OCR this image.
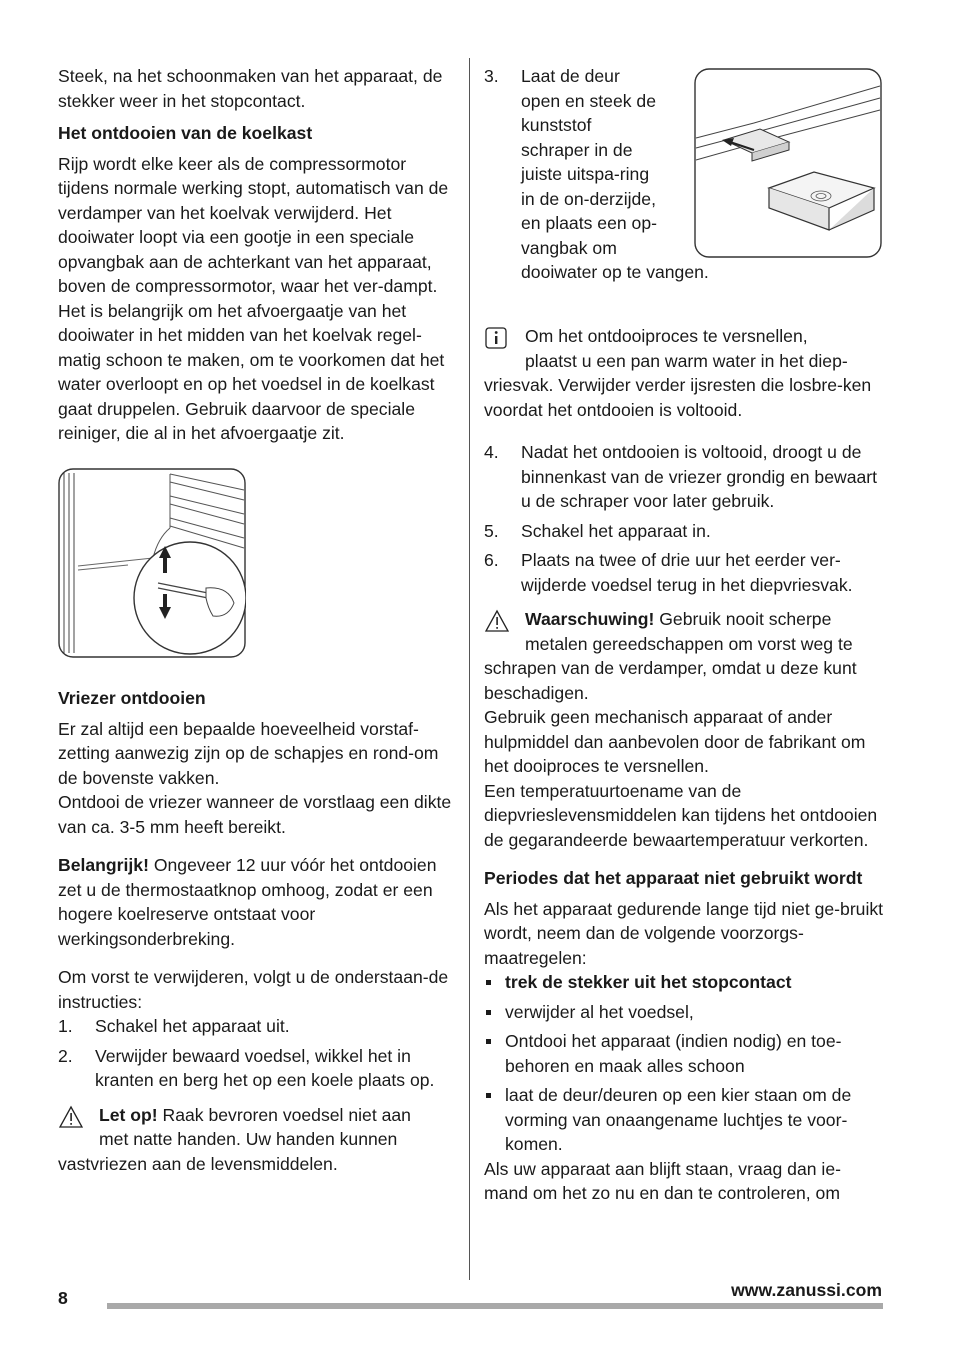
Steek, na het schoonmaken van het apparaat, de stekker weer in het stopcontact.

Het ontdooien van de koelkast

Rijp wordt elke keer als de compressormotor tijdens normale werking stopt, automatisch van de verdamper van het koelvak verwijderd. Het dooiwater loopt via een gootje in een speciale opvangbak aan de achterkant van het apparaat, boven de compressormotor, waar het ver-dampt.

Het is belangrijk om het afvoergaatje van het dooiwater in het midden van het koelvak regel-matig schoon te maken, om te voorkomen dat het water overloopt en op het voedsel in de koelkast gaat druppelen. Gebruik daarvoor de speciale reiniger, die al in het afvoergaatje zit.

Vriezer ontdooien

Er zal altijd een bepaalde hoeveelheid vorstaf-zetting aanwezig zijn op de schapjes en rond-om de bovenste vakken.

Ontdooi de vriezer wanneer de vorstlaag een dikte van ca. 3-5 mm heeft bereikt.

Belangrijk! Ongeveer 12 uur vóór het ontdooien zet u de thermostaatknop omhoog, zodat er een hogere koelreserve ontstaat voor werkingsonderbreking.

Om vorst te verwijderen, volgt u de onderstaan-de instructies:

1. Schakel het apparaat uit.
2. Verwijder bewaard voedsel, wikkel het in kranten en berg het op een koele plaats op.

Let op! Raak bevroren voedsel niet aan

met natte handen. Uw handen kunnen

vastvriezen aan de levensmiddelen.

3. Laat de deur open en steek de kunststof schraper in de juiste uitspa-ring in de on-derzijde, en plaats een op-vangbak om

dooiwater op te vangen.

Om het ontdooiproces te versnellen,

plaatst u een pan warm water in het diep-

vriesvak. Verwijder verder ijsresten die losbre-ken voordat het ontdooien is voltooid.

4. Nadat het ontdooien is voltooid, droogt u de binnenkast van de vriezer grondig en bewaart u de schraper voor later gebruik.
5. Schakel het apparaat in.
6. Plaats na twee of drie uur het eerder ver-wijderde voedsel terug in het diepvriesvak.

Waarschuwing! Gebruik nooit scherpe

metalen gereedschappen om vorst weg te

schrapen van de verdamper, omdat u deze kunt beschadigen.

Gebruik geen mechanisch apparaat of ander hulpmiddel dan aanbevolen door de fabrikant om het dooiproces te versnellen.

Een temperatuurtoename van de diepvrieslevensmiddelen kan tijdens het ontdooien de gegarandeerde bewaartemperatuur verkorten.

Periodes dat het apparaat niet gebruikt wordt

Als het apparaat gedurende lange tijd niet ge-bruikt wordt, neem dan de volgende voorzorgs-maatregelen:

trek de stekker uit het stopcontact
verwijder al het voedsel,
Ontdooi het apparaat (indien nodig) en toe-behoren en maak alles schoon
laat de deur/deuren op een kier staan om de vorming van onaangename luchtjes te voor-komen.

Als uw apparaat aan blijft staan, vraag dan ie-mand om het zo nu en dan te controleren, om

8	www.zanussi.com
